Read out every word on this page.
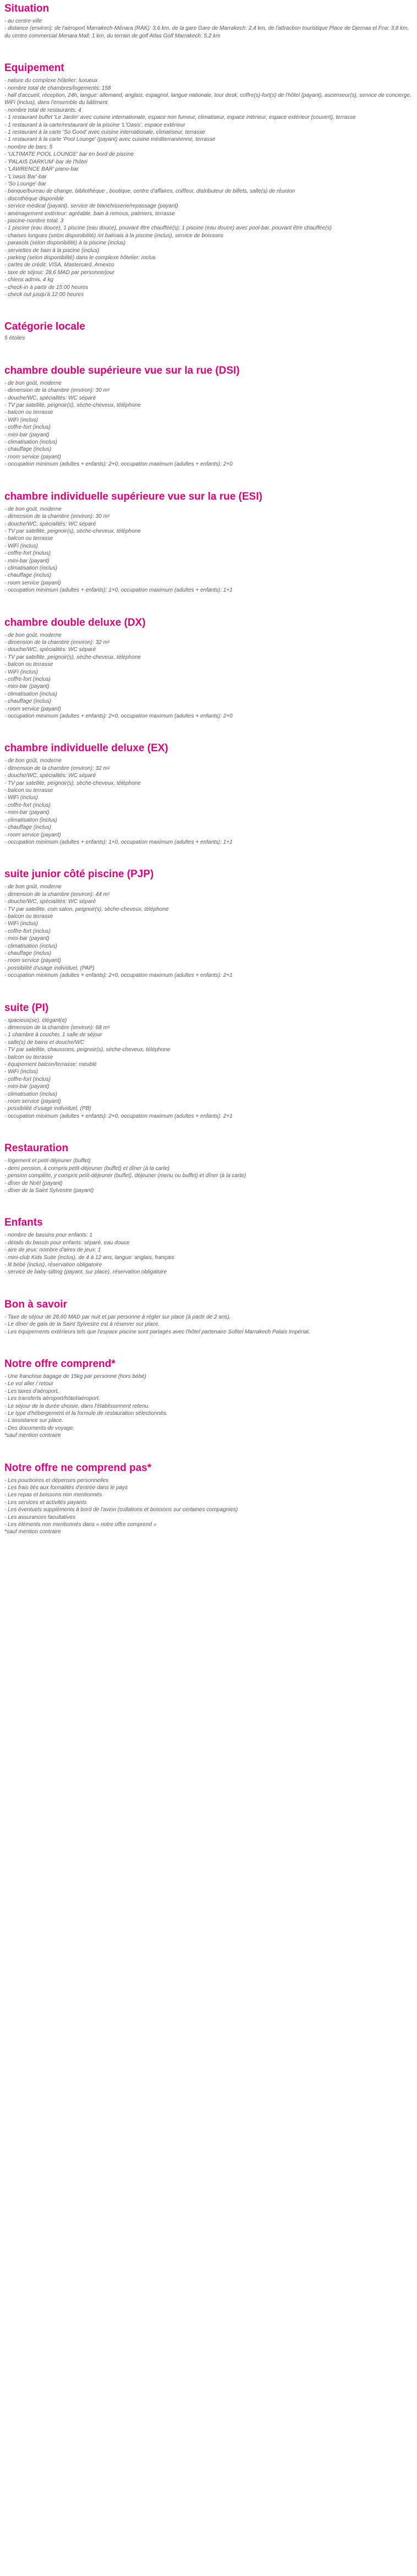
Situation
- au centre-ville
- distance (environ): de l'aéroport Marrakech-Ménara (RAK): 3,6 km, de la gare Gare de Marrakech: 2,4 km, de l'attraction touristique Place de Djemaa el Fna: 3,8 km, du centre commercial Menara Mall: 1 km, du terrain de golf Atlas Golf Marrakech: 5,2 km
Equipement
- nature du complexe hôtelier: luxueux
- nombre total de chambres/logements: 158
- hall d'accueil, réception, 24h, langue: allemand, anglais, espagnol, langue nationale, tour desk, coffre(s)-fort(s) de l'hôtel (payant), ascenseur(s), service de concierge, WiFi (inclus), dans l'ensemble du bâtiment
- nombre total de restaurants: 4
- 1 restaurant buffet 'Le Jardin' avec cuisine internationale, espace non fumeur, climatiseur, espace intérieur, espace extérieur (couvert), terrasse
- 1 restaurant à la carte/restaurant de la piscine 'L'Oasis', espace extérieur
- 1 restaurant à la carte 'So Good' avec cuisine internationale, climatiseur, terrasse
- 1 restaurant à la carte 'Pool Lounge' (payant) avec cuisine méditerranéenne, terrasse
- nombre de bars: 5
- 'ULTIMATE POOL LOUNGE' bar en bord de piscine
- 'PALAIS DARKUM'-bar de l'hôtel
- 'LAWRENCE BAR' piano-bar
- 'L'oasis Bar'-bar
- 'So Lounge'-bar
- banque/bureau de change, bibliothèque , boutique, centre d'affaires, coiffeur, distributeur de billets, salle(s) de réunion
- discothèque disponible
- service médical (payant), service de blanchisserie/repassage (payant)
- aménagement extérieur: agréable, bain à remous, palmiers, terrasse
- piscine-nombre total: 3
- 1 piscine (eau douce), 1 piscine (eau douce), pouvant être chauffée(s); 1 piscine (eau douce) avec pool-bar, pouvant être chauffée(s)
- chaises longues (selon disponibilité) /et balinais à la piscine (inclus), service de boissons
- parasols (selon disponibilité) à la piscine (inclus)
- serviettes de bain à la piscine (inclus)
- parking (selon disponibilité) dans le complexe hôtelier: inclus
- cartes de crédit: VISA, Mastercard, Amexco
- taxe de séjour: 28,6 MAD par personne/jour
- chiens admis, 4 kg
- check-in à partir de 15:00 heures
- check out jusqu'à 12:00 heures
Catégorie locale

5 étoiles

chambre double supérieure vue sur la rue (DSI)
- de bon goût, moderne
- dimension de la chambre (environ): 30 m²
- douche/WC, spécialités: WC séparé
- TV par satellite, peignoir(s), sèche-cheveux, téléphone
- balcon ou terrasse
- WiFi (inclus)
- coffre-fort (inclus)
- mini-bar (payant)
- climatisation (inclus)
- chauffage (inclus)
- room service (payant)
- occupation minimum (adultes + enfants): 2+0, occupation maximum (adultes + enfants): 2+0
chambre individuelle supérieure vue sur la rue (ESI)
- de bon goût, moderne
- dimension de la chambre (environ): 30 m²
- douche/WC, spécialités: WC séparé
- TV par satellite, peignoir(s), sèche-cheveux, téléphone
- balcon ou terrasse
- WiFi (inclus)
- coffre-fort (inclus)
- mini-bar (payant)
- climatisation (inclus)
- chauffage (inclus)
- room service (payant)
- occupation minimum (adultes + enfants): 1+0, occupation maximum (adultes + enfants): 1+1
chambre double deluxe (DX)
- de bon goût, moderne
- dimension de la chambre (environ): 32 m²
- douche/WC, spécialités: WC séparé
- TV par satellite, peignoir(s), sèche-cheveux, téléphone
- balcon ou terrasse
- WiFi (inclus)
- coffre-fort (inclus)
- mini-bar (payant)
- climatisation (inclus)
- chauffage (inclus)
- room service (payant)
- occupation minimum (adultes + enfants): 2+0, occupation maximum (adultes + enfants): 2+0
chambre individuelle deluxe (EX)
- de bon goût, moderne
- dimension de la chambre (environ): 32 m²
- douche/WC, spécialités: WC séparé
- TV par satellite, peignoir(s), sèche-cheveux, téléphone
- balcon ou terrasse
- WiFi (inclus)
- coffre-fort (inclus)
- mini-bar (payant)
- climatisation (inclus)
- chauffage (inclus)
- room service (payant)
- occupation minimum (adultes + enfants): 1+0, occupation maximum (adultes + enfants): 1+1
suite junior côté piscine (PJP)
- de bon goût, moderne
- dimension de la chambre (environ): 44 m²
- douche/WC, spécialités: WC séparé
- TV par satellite, coin salon, peignoir(s), sèche-cheveux, téléphone
- balcon ou terrasse
- WiFi (inclus)
- coffre-fort (inclus)
- mini-bar (payant)
- climatisation (inclus)
- chauffage (inclus)
- room service (payant)
- possibilité d'usage individuel, (PAP)
- occupation minimum (adultes + enfants): 2+0, occupation maximum (adultes + enfants): 2+1
suite (PI)
- spacieux(se), élégant(e)
- dimension de la chambre (environ): 68 m²
- 1 chambre à coucher, 1 salle de séjour
- salle(s) de bains et douche/WC
- TV par satellite, chaussons, peignoir(s), sèche-cheveux, téléphone
- balcon ou terrasse
- équipement balcon/terrasse: meublé
- WiFi (inclus)
- coffre-fort (inclus)
- mini-bar (payant)
- climatisation (inclus)
- room service (payant)
- possibilité d'usage individuel, (PB)
- occupation minimum (adultes + enfants): 2+0, occupation maximum (adultes + enfants): 2+1
Restauration
- logement et petit-déjeuner (buffet)
- demi pension, à compris petit-déjeuner (buffet) et dîner (à la carte)
- pension complète, y compris petit-déjeuner (buffet), déjeuner (menu ou buffet) et dîner (à la carte)
- dîner de Noël (payant)
- dîner de la Saint Sylvestre (payant)
Enfants
- nombre de bassins pour enfants: 1
- détails du bassin pour enfants: séparé, eau douce
- aire de jeux: nombre d'aires de jeux: 1
- mini-club Kids Suite (inclus), de 4 à 12 ans, langue: anglais, français
- lit bébé (inclus), réservation obligatoire
- service de baby-sitting (payant, sur place), réservation obligatoire
Bon à savoir
- Taxe de séjour de 28,60 MAD par nuit et par personne à régler sur place (à partir de 2 ans).
- Le dîner de gala de la Saint Sylvestre est à réserver sur place.
- Les équipements extérieurs tels que l'espace piscine sont partagés avec l'hôtel partenaire Sofitel Marrakech Palais Impérial.
Notre offre comprend*
- Une franchise bagage de 15kg par personne (hors bébé)
- Le vol aller / retour
- Les taxes d'aéroport.
- Les transferts aéroport/hôtel/aéroport.
- Le séjour de la durée choisie, dans l'établissement retenu.
- Le type d'hébergement et la formule de restauration sélectionnés.
- L'assistance sur place.
- Des documents de voyage.
*sauf mention contraire
Notre offre ne comprend pas*
- Les pourboires et dépenses personnelles
- Les frais liés aux formalités d'entrée dans le pays
- Les repas et boissons non mentionnés
- Les services et activités payants
- Les éventuels suppléments à bord de l'avion (collations et boissons sur certaines compagnies)
- Les assurances facultatives
- Les éléments non mentionnés dans « notre offre comprend »
*sauf mention contraire
